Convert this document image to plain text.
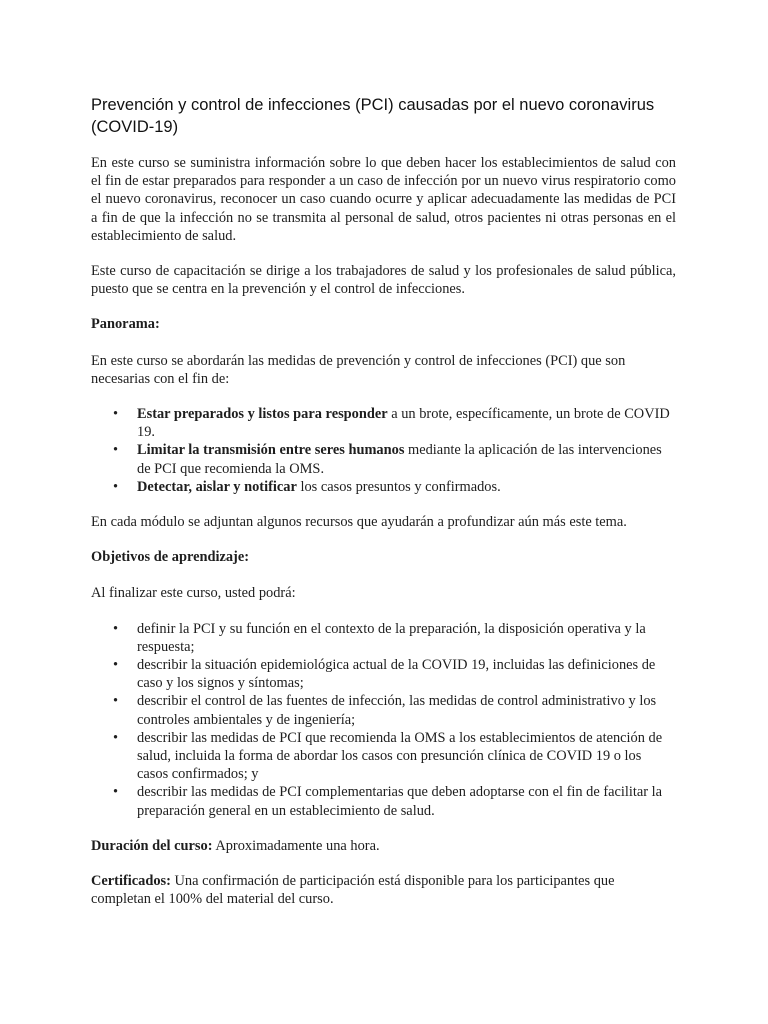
Prevención y control de infecciones (PCI) causadas por el nuevo coronavirus (COVID-19)

En este curso se suministra información sobre lo que deben hacer los establecimientos de salud con el fin de estar preparados para responder a un caso de infección por un nuevo virus respiratorio como el nuevo coronavirus, reconocer un caso cuando ocurre y aplicar adecuadamente las medidas de PCI a fin de que la infección no se transmita al personal de salud, otros pacientes ni otras personas en el establecimiento de salud.

Este curso de capacitación se dirige a los trabajadores de salud y los profesionales de salud pública, puesto que se centra en la prevención y el control de infecciones.

Panorama:

En este curso se abordarán las medidas de prevención y control de infecciones (PCI) que son necesarias con el fin de:

• Estar preparados y listos para responder a un brote, específicamente, un brote de COVID 19.
• Limitar la transmisión entre seres humanos mediante la aplicación de las intervenciones de PCI que recomienda la OMS.
• Detectar, aislar y notificar los casos presuntos y confirmados.

En cada módulo se adjuntan algunos recursos que ayudarán a profundizar aún más este tema.

Objetivos de aprendizaje:

Al finalizar este curso, usted podrá:

• definir la PCI y su función en el contexto de la preparación, la disposición operativa y la respuesta;
• describir la situación epidemiológica actual de la COVID 19, incluidas las definiciones de caso y los signos y síntomas;
• describir el control de las fuentes de infección, las medidas de control administrativo y los controles ambientales y de ingeniería;
• describir las medidas de PCI que recomienda la OMS a los establecimientos de atención de salud, incluida la forma de abordar los casos con presunción clínica de COVID 19 o los casos confirmados; y
• describir las medidas de PCI complementarias que deben adoptarse con el fin de facilitar la preparación general en un establecimiento de salud.

Duración del curso: Aproximadamente una hora.

Certificados: Una confirmación de participación está disponible para los participantes que completan el 100% del material del curso.
